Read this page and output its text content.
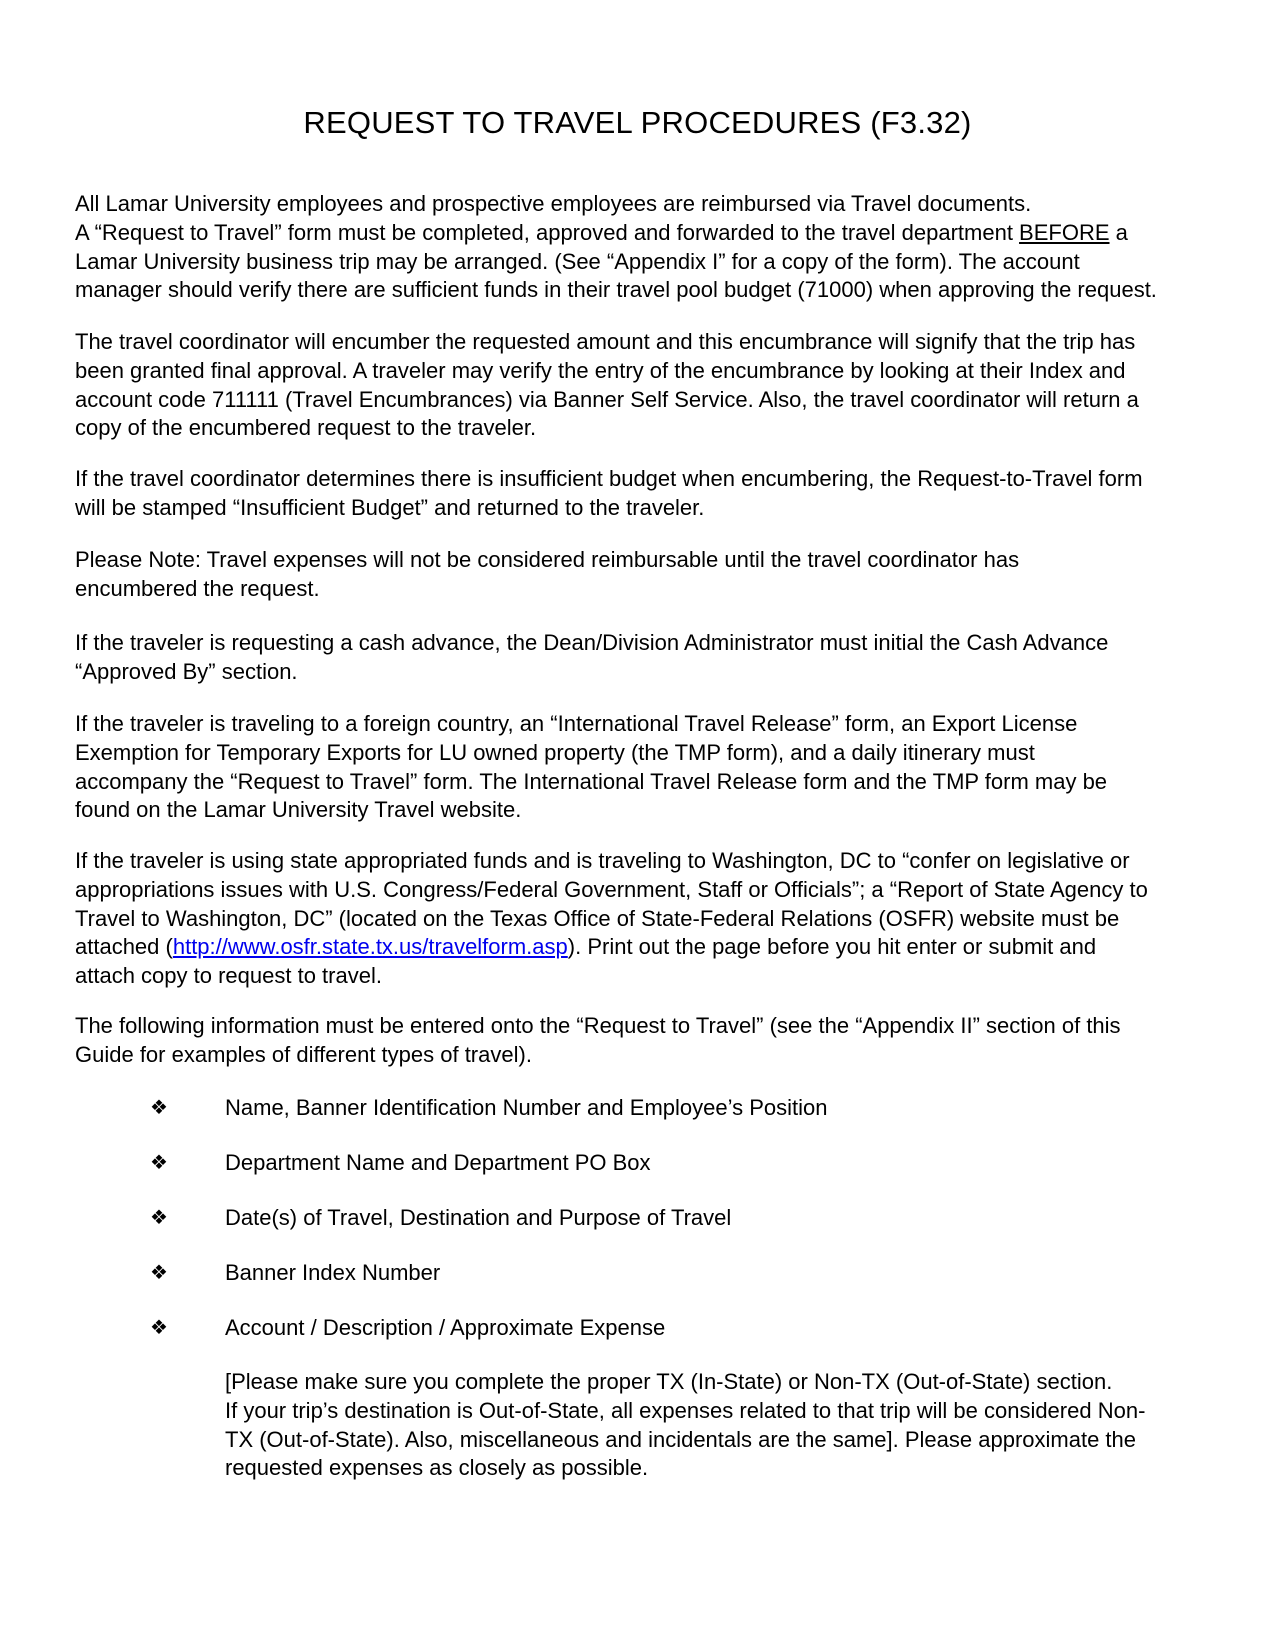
REQUEST TO TRAVEL PROCEDURES (F3.32)
All Lamar University employees and prospective employees are reimbursed via Travel documents.
A “Request to Travel” form must be completed, approved and forwarded to the travel department BEFORE a
Lamar University business trip may be arranged. (See “Appendix I” for a copy of the form). The account
manager should verify there are sufficient funds in their travel pool budget (71000) when approving the request.
The travel coordinator will encumber the requested amount and this encumbrance will signify that the trip has
been granted final approval. A traveler may verify the entry of the encumbrance by looking at their Index and
account code 711111 (Travel Encumbrances) via Banner Self Service. Also, the travel coordinator will return a
copy of the encumbered request to the traveler.
If the travel coordinator determines there is insufficient budget when encumbering, the Request-to-Travel form
will be stamped “Insufficient Budget” and returned to the traveler.
Please Note: Travel expenses will not be considered reimbursable until the travel coordinator has
encumbered the request.
If the traveler is requesting a cash advance, the Dean/Division Administrator must initial the Cash Advance
“Approved By” section.
If the traveler is traveling to a foreign country, an “International Travel Release” form, an Export License
Exemption for Temporary Exports for LU owned property (the TMP form), and a daily itinerary must
accompany the “Request to Travel” form. The International Travel Release form and the TMP form may be
found on the Lamar University Travel website.
If the traveler is using state appropriated funds and is traveling to Washington, DC to “confer on legislative or
appropriations issues with U.S. Congress/Federal Government, Staff or Officials”; a “Report of State Agency to
Travel to Washington, DC” (located on the Texas Office of State-Federal Relations (OSFR) website must be
attached (http://www.osfr.state.tx.us/travelform.asp). Print out the page before you hit enter or submit and
attach copy to request to travel.
The following information must be entered onto the “Request to Travel” (see the “Appendix II” section of this
Guide for examples of different types of travel).
❖	Name, Banner Identification Number and Employee’s Position
❖	Department Name and Department PO Box
❖	Date(s) of Travel, Destination and Purpose of Travel
❖	Banner Index Number
❖	Account / Description / Approximate Expense
[Please make sure you complete the proper TX (In-State) or Non-TX (Out-of-State) section.
If your trip’s destination is Out-of-State, all expenses related to that trip will be considered Non-
TX (Out-of-State). Also, miscellaneous and incidentals are the same]. Please approximate the
requested expenses as closely as possible.
